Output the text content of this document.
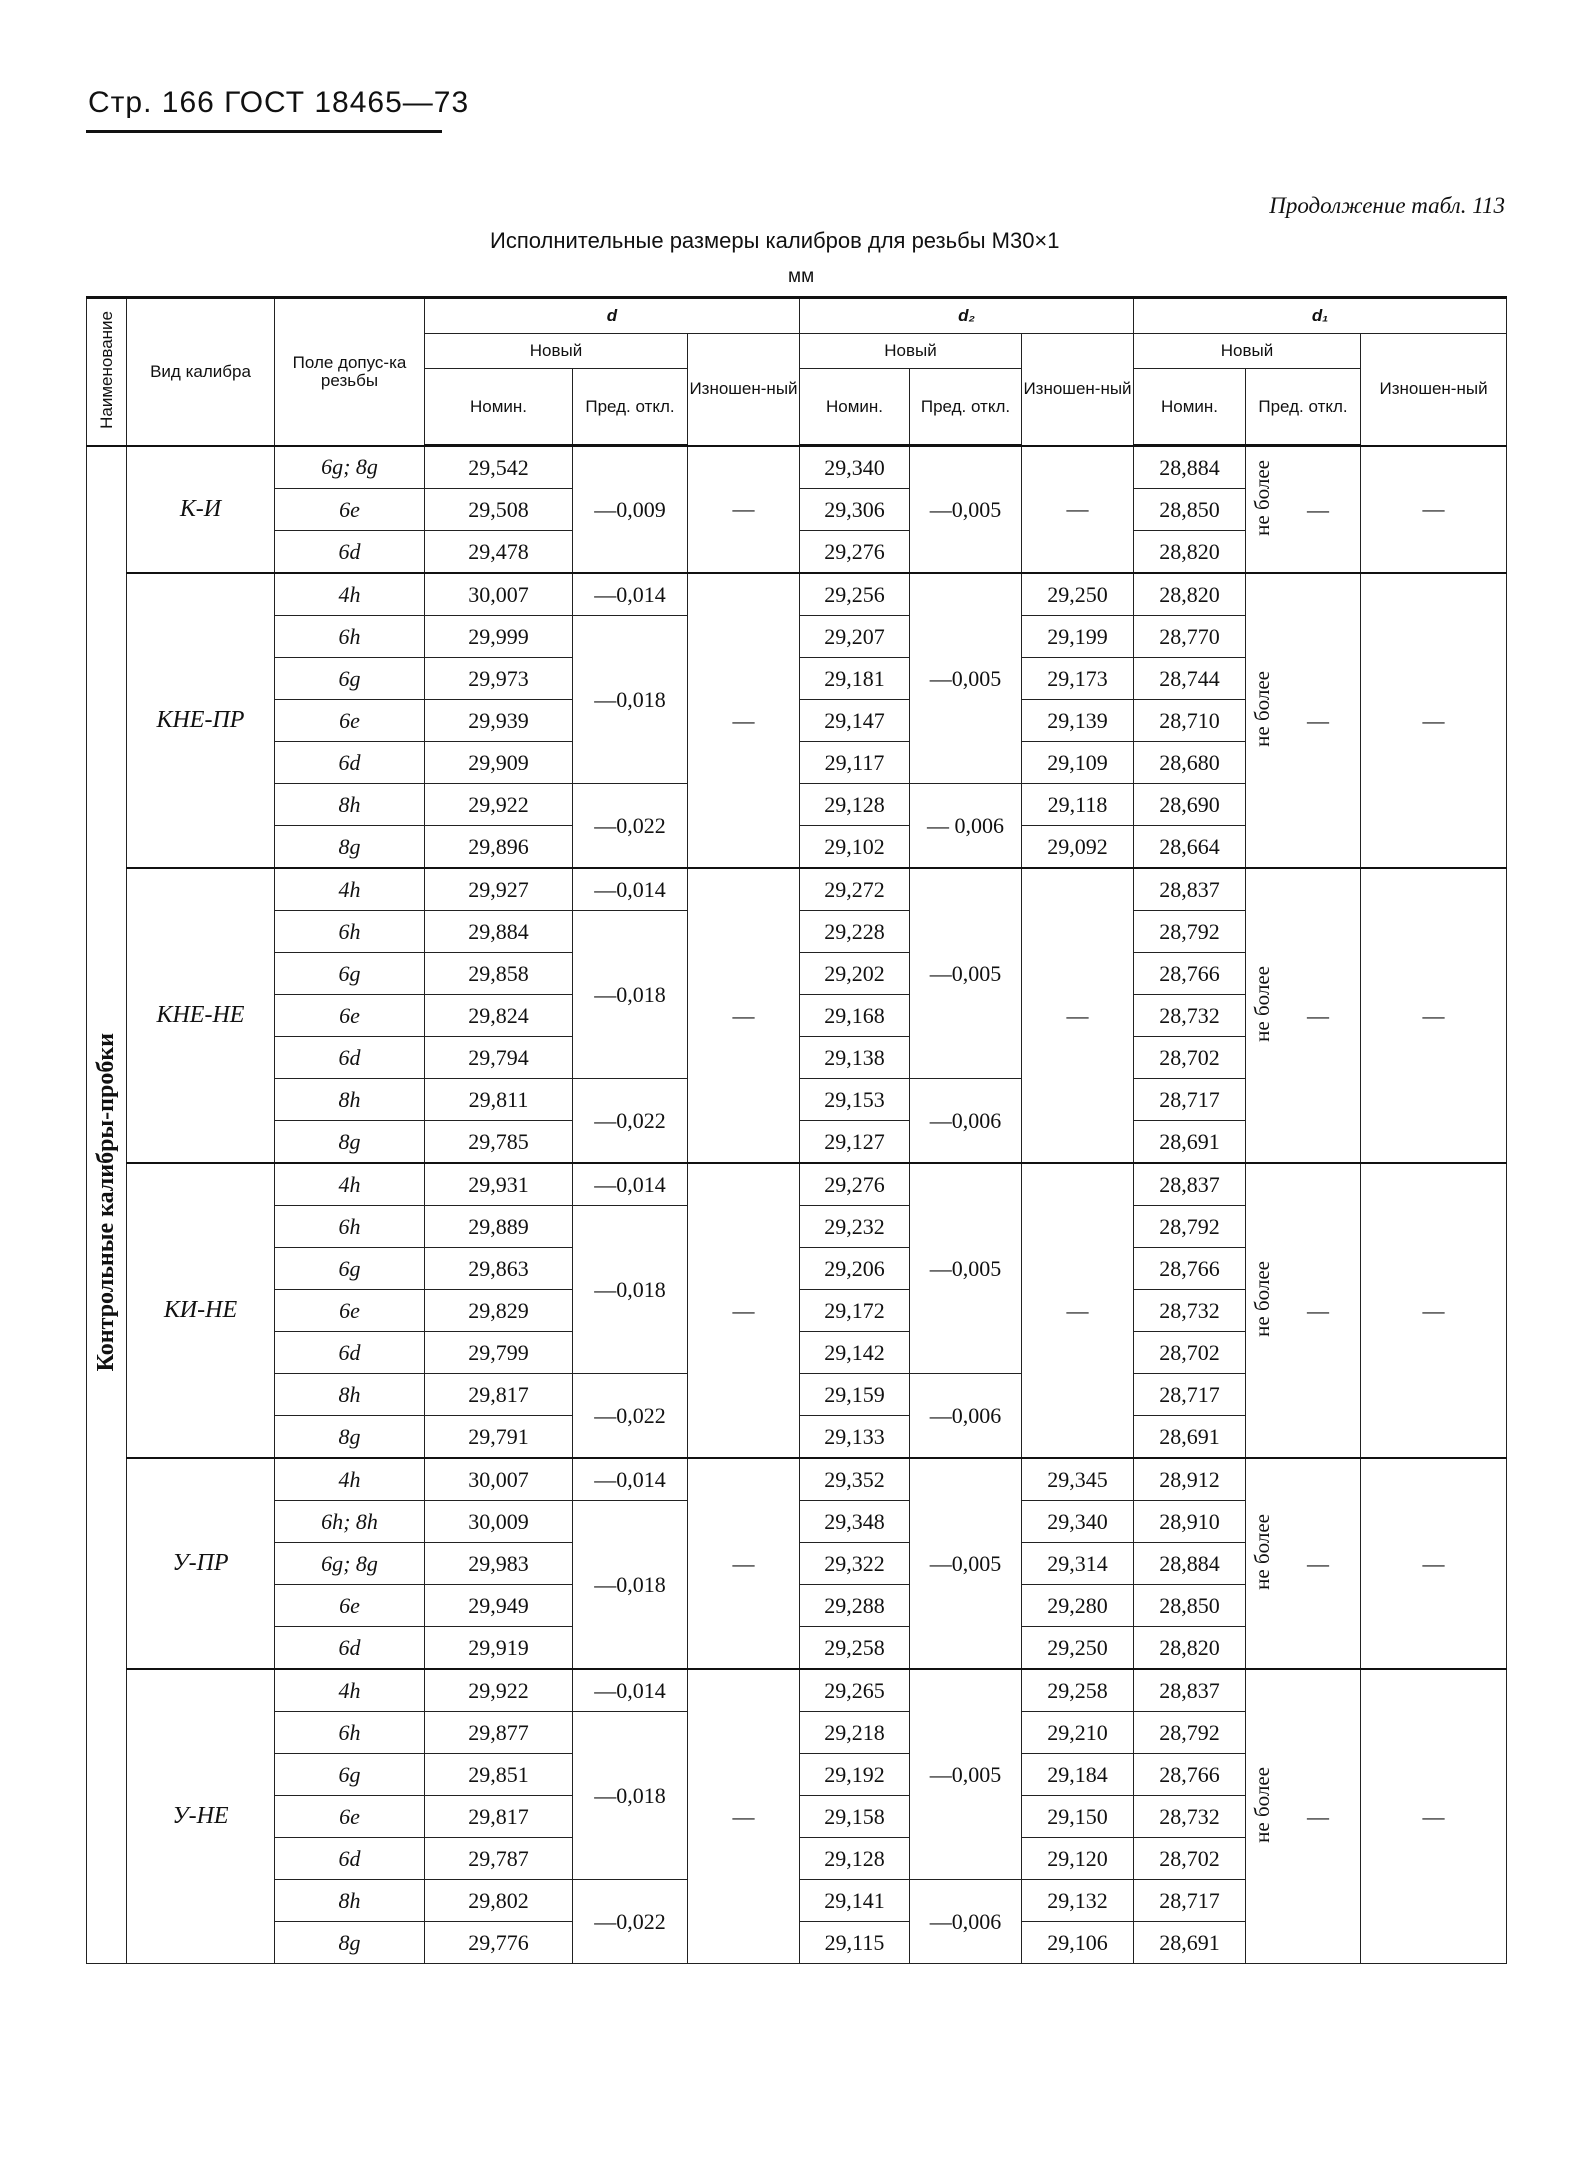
Стр. 166 ГОСТ 18465—73
Продолжение табл. 113
Исполнительные размеры калибров для резьбы М30×1
мм
Наименование	Вид калибра	Поле допус-ка резьбы	d			d₂			d₁		
			Новый		Изношен-ный	Новый		Изношен-ный	Новый		Изношен-ный
			Номин.	Пред. откл.		Номин.	Пред. откл.		Номин.	Пред. откл.	
Контрольные калибры-пробки	К-И	6g; 8g	29,542	—0,009	—	29,340	—0,005	—	28,884	не более —	—
		6e	29,508			29,306			28,850		
		6d	29,478			29,276			28,820		
	КНЕ-ПР	4h	30,007	—0,014	—	29,256	—0,005	29,250	28,820	не более —	—
		6h	29,999	—0,018		29,207		29,199	28,770		
		6g	29,973			29,181		29,173	28,744		
		6e	29,939			29,147		29,139	28,710		
		6d	29,909			29,117		29,109	28,680		
		8h	29,922	—0,022		29,128	— 0,006	29,118	28,690		
		8g	29,896			29,102		29,092	28,664		
	КНЕ-НЕ	4h	29,927	—0,014	—	29,272	—0,005	—	28,837	не более —	—
		6h	29,884	—0,018		29,228			28,792		
		6g	29,858			29,202			28,766		
		6e	29,824			29,168			28,732		
		6d	29,794			29,138			28,702		
		8h	29,811	—0,022		29,153	—0,006		28,717		
		8g	29,785			29,127			28,691		
	КИ-НЕ	4h	29,931	—0,014	—	29,276	—0,005	—	28,837	не более —	—
		6h	29,889	—0,018		29,232			28,792		
		6g	29,863			29,206			28,766		
		6e	29,829			29,172			28,732		
		6d	29,799			29,142			28,702		
		8h	29,817	—0,022		29,159	—0,006		28,717		
		8g	29,791			29,133			28,691		
	У-ПР	4h	30,007	—0,014	—	29,352	—0,005	29,345	28,912	не более —	—
		6h; 8h	30,009	—0,018		29,348		29,340	28,910		
		6g; 8g	29,983			29,322		29,314	28,884		
		6e	29,949			29,288		29,280	28,850		
		6d	29,919			29,258		29,250	28,820		
	У-НЕ	4h	29,922	—0,014	—	29,265	—0,005	29,258	28,837	не более —	—
		6h	29,877	—0,018		29,218		29,210	28,792		
		6g	29,851			29,192		29,184	28,766		
		6e	29,817			29,158		29,150	28,732		
		6d	29,787			29,128		29,120	28,702		
		8h	29,802	—0,022		29,141	—0,006	29,132	28,717		
		8g	29,776			29,115		29,106	28,691		
